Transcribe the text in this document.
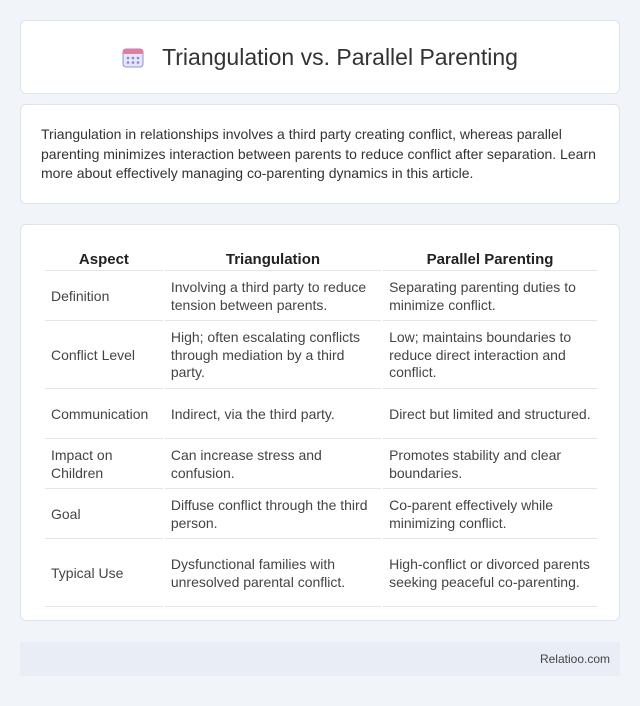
Triangulation vs. Parallel Parenting

Triangulation in relationships involves a third party creating conflict, whereas parallel parenting minimizes interaction between parents to reduce conflict after separation. Learn more about effectively managing co-parenting dynamics in this article.

Aspect	Triangulation	Parallel Parenting
Definition	Involving a third party to reduce tension between parents.	Separating parenting duties to minimize conflict.
Conflict Level	High; often escalating conflicts through mediation by a third party.	Low; maintains boundaries to reduce direct interaction and conflict.
Communication	Indirect, via the third party.	Direct but limited and structured.
Impact on Children	Can increase stress and confusion.	Promotes stability and clear boundaries.
Goal	Diffuse conflict through the third person.	Co-parent effectively while minimizing conflict.
Typical Use	Dysfunctional families with unresolved parental conflict.	High-conflict or divorced parents seeking peaceful co-parenting.
Relatioo.com
